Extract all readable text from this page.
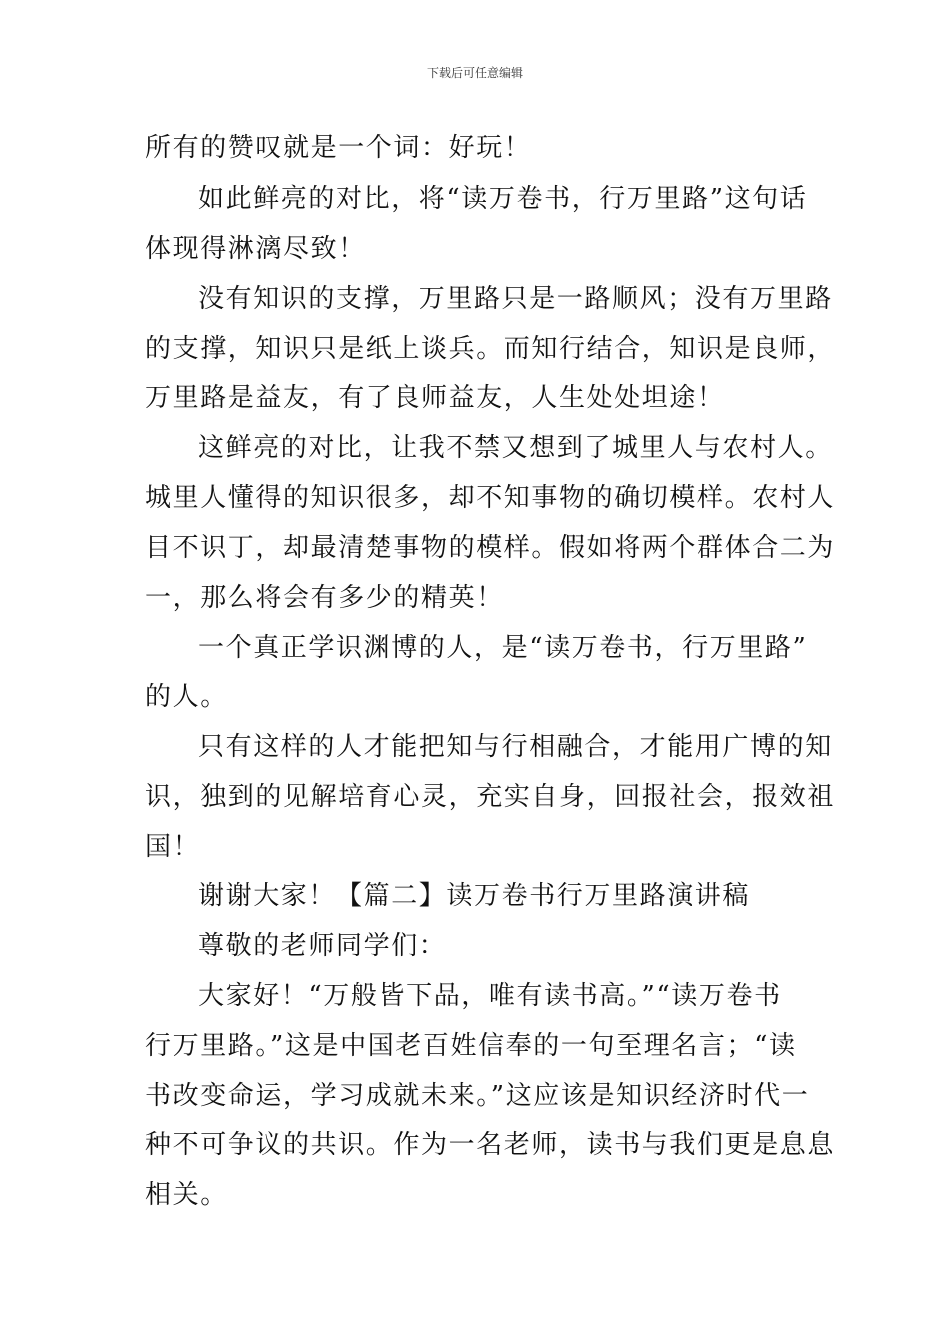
下载后可任意编辑
所有的赞叹就是一个词：好玩！
如此鲜亮的对比，将“读万卷书，行万里路”这句话
体现得淋漓尽致！
没有知识的支撑，万里路只是一路顺风；没有万里路
的支撑，知识只是纸上谈兵。而知行结合，知识是良师，
万里路是益友，有了良师益友，人生处处坦途！
这鲜亮的对比，让我不禁又想到了城里人与农村人。
城里人懂得的知识很多，却不知事物的确切模样。农村人
目不识丁，却最清楚事物的模样。假如将两个群体合二为
一，那么将会有多少的精英！
一个真正学识渊博的人，是“读万卷书，行万里路”
的人。
只有这样的人才能把知与行相融合，才能用广博的知
识，独到的见解培育心灵，充实自身，回报社会，报效祖
国！
谢谢大家！【篇二】读万卷书行万里路演讲稿
尊敬的老师同学们：
大家好！“万般皆下品，唯有读书高。”“读万卷书
行万里路。”这是中国老百姓信奉的一句至理名言；“读
书改变命运，学习成就未来。”这应该是知识经济时代一
种不可争议的共识。作为一名老师，读书与我们更是息息
相关。
